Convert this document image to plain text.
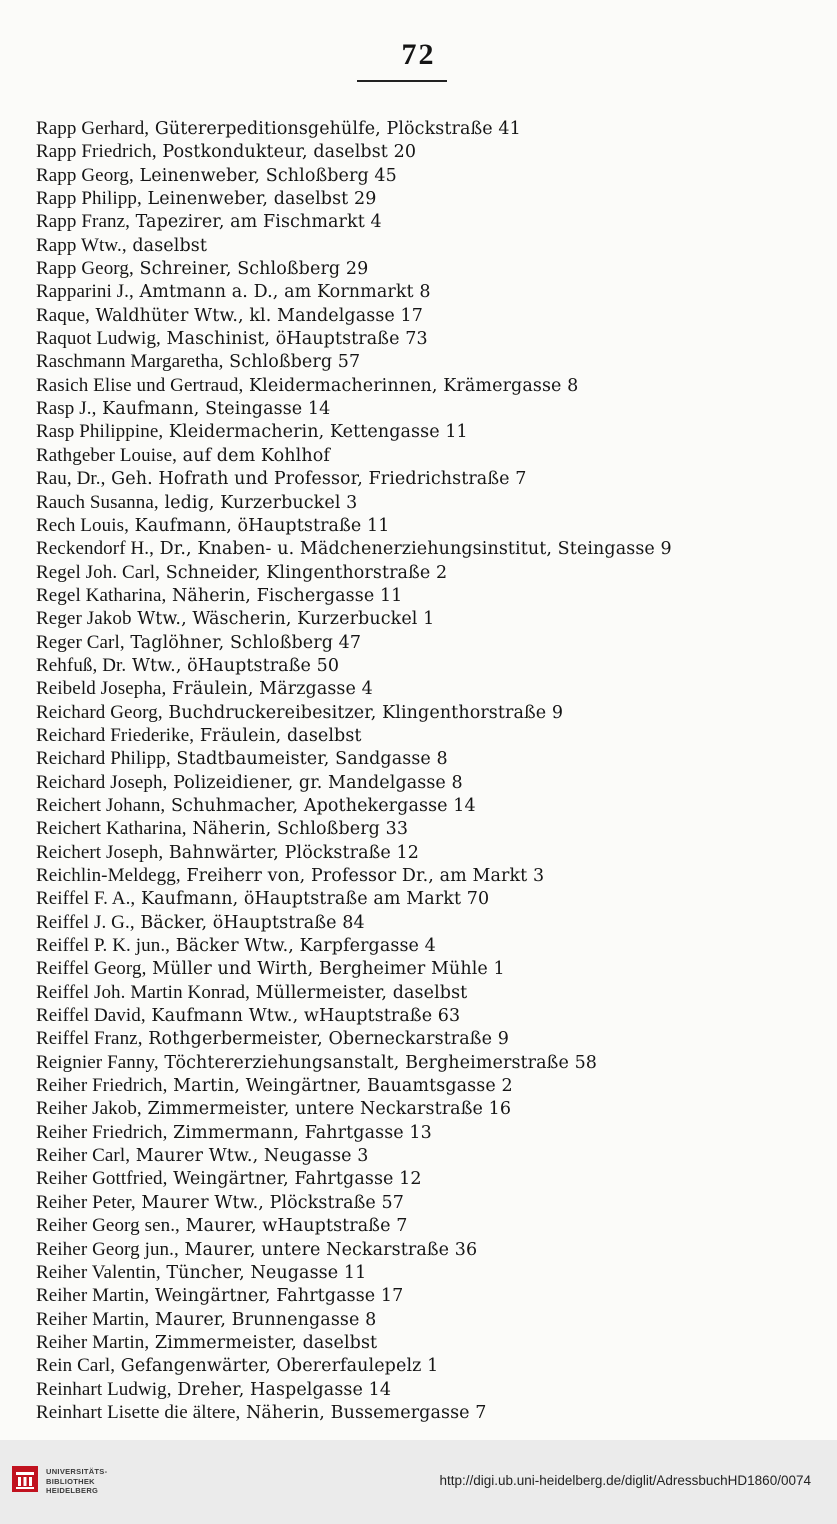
72
Rapp Gerhard, Gütererpeditionsgehülfe, Plöckstraße 41
Rapp Friedrich, Postkondukteur, daselbst 20
Rapp Georg, Leinenweber, Schloßberg 45
Rapp Philipp, Leinenweber, daselbst 29
Rapp Franz, Tapezirer, am Fischmarkt 4
Rapp Wtw., daselbst
Rapp Georg, Schreiner, Schloßberg 29
Rapparini J., Amtmann a. D., am Kornmarkt 8
Raque, Waldhüter Wtw., kl. Mandelgasse 17
Raquot Ludwig, Maschinist, öHauptstraße 73
Raschmann Margaretha, Schloßberg 57
Rasich Elise und Gertraud, Kleidermacherinnen, Krämergasse 8
Rasp J., Kaufmann, Steingasse 14
Rasp Philippine, Kleidermacherin, Kettengasse 11
Rathgeber Louise, auf dem Kohlhof
Rau, Dr., Geh. Hofrath und Professor, Friedrichstraße 7
Rauch Susanna, ledig, Kurzerbuckel 3
Rech Louis, Kaufmann, öHauptstraße 11
Reckendorf H., Dr., Knaben- u. Mädchenerziehungsinstitut, Steingasse 9
Regel Joh. Carl, Schneider, Klingenthorstraße 2
Regel Katharina, Näherin, Fischergasse 11
Reger Jakob Wtw., Wäscherin, Kurzerbuckel 1
Reger Carl, Taglöhner, Schloßberg 47
Rehfuß, Dr. Wtw., öHauptstraße 50
Reibeld Josepha, Fräulein, Märzgasse 4
Reichard Georg, Buchdruckereibesitzer, Klingenthorstraße 9
Reichard Friederike, Fräulein, daselbst
Reichard Philipp, Stadtbaumeister, Sandgasse 8
Reichard Joseph, Polizeidiener, gr. Mandelgasse 8
Reichert Johann, Schuhmacher, Apothekergasse 14
Reichert Katharina, Näherin, Schloßberg 33
Reichert Joseph, Bahnwärter, Plöckstraße 12
Reichlin-Meldegg, Freiherr von, Professor Dr., am Markt 3
Reiffel F. A., Kaufmann, öHauptstraße am Markt 70
Reiffel J. G., Bäcker, öHauptstraße 84
Reiffel P. K. jun., Bäcker Wtw., Karpfergasse 4
Reiffel Georg, Müller und Wirth, Bergheimer Mühle 1
Reiffel Joh. Martin Konrad, Müllermeister, daselbst
Reiffel David, Kaufmann Wtw., wHauptstraße 63
Reiffel Franz, Rothgerbermeister, Oberneckarstraße 9
Reignier Fanny, Töchtererziehungsanstalt, Bergheimerstraße 58
Reiher Friedrich, Martin, Weingärtner, Bauamtsgasse 2
Reiher Jakob, Zimmermeister, untere Neckarstraße 16
Reiher Friedrich, Zimmermann, Fahrtgasse 13
Reiher Carl, Maurer Wtw., Neugasse 3
Reiher Gottfried, Weingärtner, Fahrtgasse 12
Reiher Peter, Maurer Wtw., Plöckstraße 57
Reiher Georg sen., Maurer, wHauptstraße 7
Reiher Georg jun., Maurer, untere Neckarstraße 36
Reiher Valentin, Tüncher, Neugasse 11
Reiher Martin, Weingärtner, Fahrtgasse 17
Reiher Martin, Maurer, Brunnengasse 8
Reiher Martin, Zimmermeister, daselbst
Rein Carl, Gefangenwärter, Obererfaulepelz 1
Reinhart Ludwig, Dreher, Haspelgasse 14
Reinhart Lisette die ältere, Näherin, Bussemergasse 7
UNIVERSITÄTS-
BIBLIOTHEK
HEIDELBERG
http://digi.ub.uni-heidelberg.de/diglit/AdressbuchHD1860/0074
